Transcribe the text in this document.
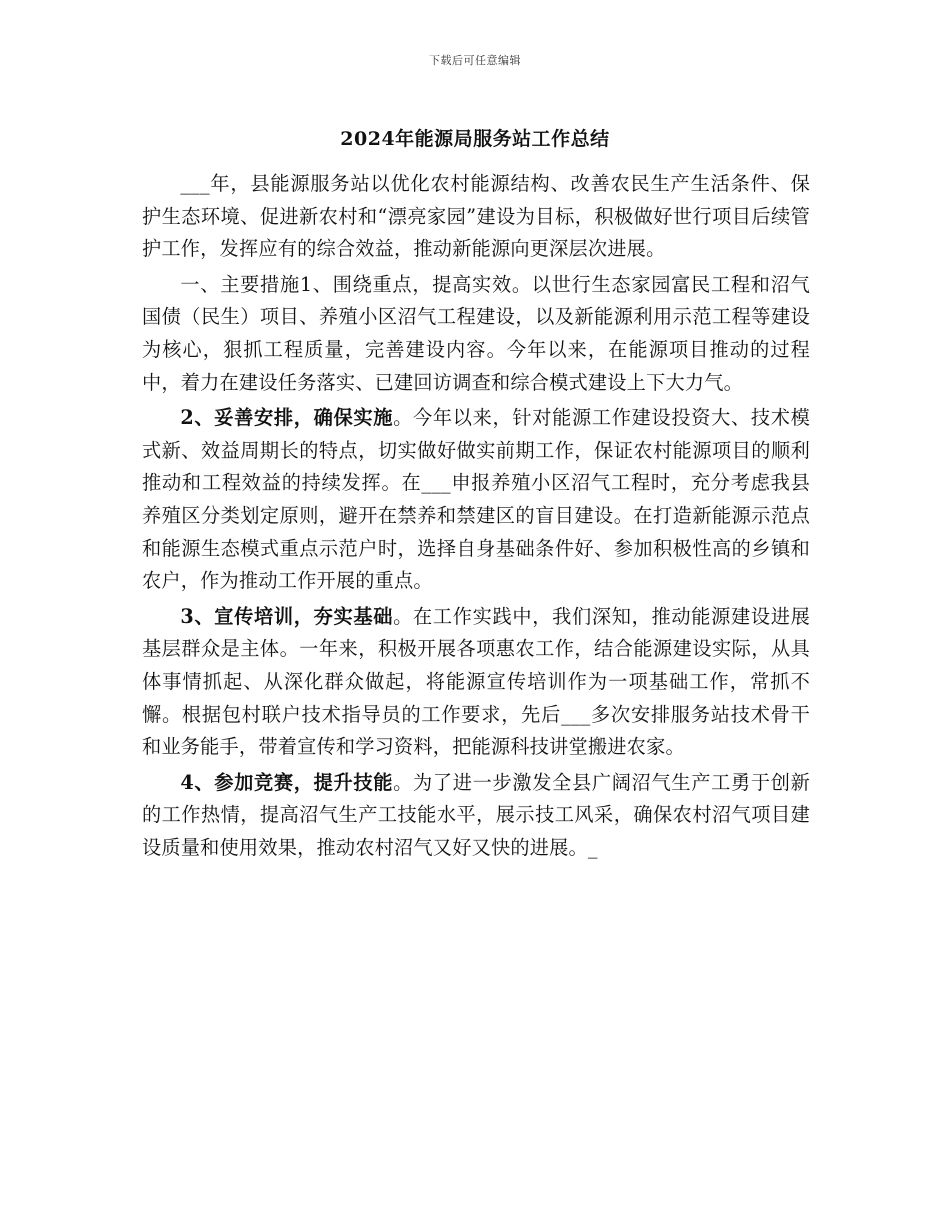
下载后可任意编辑
2024年能源局服务站工作总结

___年，县能源服务站以优化农村能源结构、改善农民生产生活条件、保护生态环境、促进新农村和“漂亮家园”建设为目标，积极做好世行项目后续管护工作，发挥应有的综合效益，推动新能源向更深层次进展。

一、主要措施1、围绕重点，提高实效。以世行生态家园富民工程和沼气国债（民生）项目、养殖小区沼气工程建设，以及新能源利用示范工程等建设为核心，狠抓工程质量，完善建设内容。今年以来，在能源项目推动的过程中，着力在建设任务落实、已建回访调查和综合模式建设上下大力气。

2、妥善安排，确保实施。今年以来，针对能源工作建设投资大、技术模式新、效益周期长的特点，切实做好做实前期工作，保证农村能源项目的顺利推动和工程效益的持续发挥。在___申报养殖小区沼气工程时，充分考虑我县养殖区分类划定原则，避开在禁养和禁建区的盲目建设。在打造新能源示范点和能源生态模式重点示范户时，选择自身基础条件好、参加积极性高的乡镇和农户，作为推动工作开展的重点。

3、宣传培训，夯实基础。在工作实践中，我们深知，推动能源建设进展基层群众是主体。一年来，积极开展各项惠农工作，结合能源建设实际，从具体事情抓起、从深化群众做起，将能源宣传培训作为一项基础工作，常抓不懈。根据包村联户技术指导员的工作要求，先后___多次安排服务站技术骨干和业务能手，带着宣传和学习资料，把能源科技讲堂搬进农家。

4、参加竞赛，提升技能。为了进一步激发全县广阔沼气生产工勇于创新的工作热情，提高沼气生产工技能水平，展示技工风采，确保农村沼气项目建设质量和使用效果，推动农村沼气又好又快的进展。_
